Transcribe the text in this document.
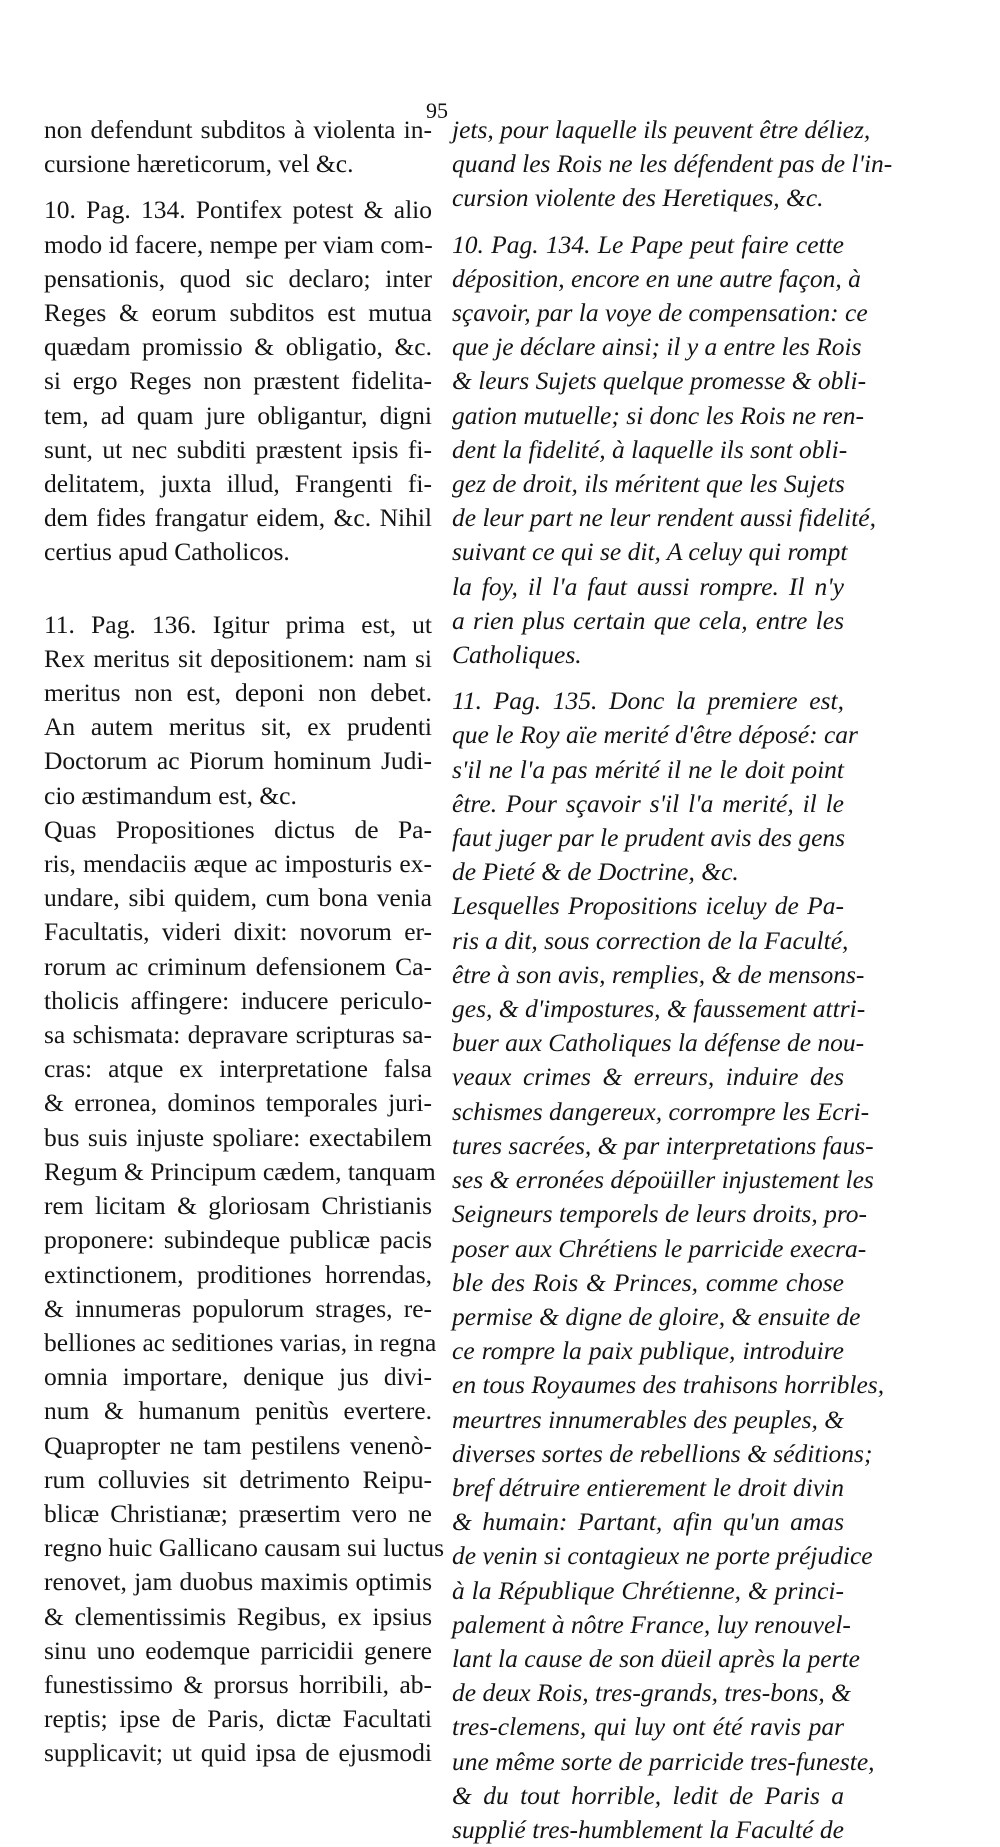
95
non defendunt subditos à violenta in-
cursione hæreticorum, vel &c.
10. Pag. 134. Pontifex potest & alio
modo id facere, nempe per viam com-
pensationis, quod sic declaro; inter
Reges & eorum subditos est mutua
quædam promissio & obligatio, &c.
si ergo Reges non præstent fidelita-
tem, ad quam jure obligantur, digni
sunt, ut nec subditi præstent ipsis fi-
delitatem, juxta illud, Frangenti fi-
dem fides frangatur eidem, &c. Nihil
certius apud Catholicos.
11. Pag. 136. Igitur prima est, ut
Rex meritus sit depositionem: nam si
meritus non est, deponi non debet.
An autem meritus sit, ex prudenti
Doctorum ac Piorum hominum Judi-
cio æstimandum est, &c.
Quas Propositiones dictus de Pa-
ris, mendaciis æque ac imposturis ex-
undare, sibi quidem, cum bona venia
Facultatis, videri dixit: novorum er-
rorum ac criminum defensionem Ca-
tholicis affingere: inducere periculo-
sa schismata: depravare scripturas sa-
cras: atque ex interpretatione falsa
& erronea, dominos temporales juri-
bus suis injuste spoliare: exectabilem
Regum & Principum cædem, tanquam
rem licitam & gloriosam Christianis
proponere: subindeque publicæ pacis
extinctionem, proditiones horrendas,
& innumeras populorum strages, re-
belliones ac seditiones varias, in regna
omnia importare, denique jus divi-
num & humanum penitùs evertere.
Quapropter ne tam pestilens venenò-
rum colluvies sit detrimento Reipu-
blicæ Christianæ; præsertim vero ne
regno huic Gallicano causam sui luctus
renovet, jam duobus maximis optimis
& clementissimis Regibus, ex ipsius
sinu uno eodemque parricidii genere
funestissimo & prorsus horribili, ab-
reptis; ipse de Paris, dictæ Facultati
supplicavit; ut quid ipsa de ejusmodi
jets, pour laquelle ils peuvent être déliez,
quand les Rois ne les défendent pas de l'in-
cursion violente des Heretiques, &c.
10. Pag. 134. Le Pape peut faire cette
déposition, encore en une autre façon, à
sçavoir, par la voye de compensation: ce
que je déclare ainsi; il y a entre les Rois
& leurs Sujets quelque promesse & obli-
gation mutuelle; si donc les Rois ne ren-
dent la fidelité, à laquelle ils sont obli-
gez de droit, ils méritent que les Sujets
de leur part ne leur rendent aussi fidelité,
suivant ce qui se dit, A celuy qui rompt
la foy, il l'a faut aussi rompre. Il n'y
a rien plus certain que cela, entre les
Catholiques.
11. Pag. 135. Donc la premiere est,
que le Roy aïe merité d'être déposé: car
s'il ne l'a pas mérité il ne le doit point
être. Pour sçavoir s'il l'a merité, il le
faut juger par le prudent avis des gens
de Pieté & de Doctrine, &c.
Lesquelles Propositions iceluy de Pa-
ris a dit, sous correction de la Faculté,
être à son avis, remplies, & de mensons-
ges, & d'impostures, & faussement attri-
buer aux Catholiques la défense de nou-
veaux crimes & erreurs, induire des
schismes dangereux, corrompre les Ecri-
tures sacrées, & par interpretations faus-
ses & erronées dépoüiller injustement les
Seigneurs temporels de leurs droits, pro-
poser aux Chrétiens le parricide execra-
ble des Rois & Princes, comme chose
permise & digne de gloire, & ensuite de
ce rompre la paix publique, introduire
en tous Royaumes des trahisons horribles,
meurtres innumerables des peuples, &
diverses sortes de rebellions & séditions;
bref détruire entierement le droit divin
& humain: Partant, afin qu'un amas
de venin si contagieux ne porte préjudice
à la République Chrétienne, & princi-
palement à nôtre France, luy renouvel-
lant la cause de son düeil après la perte
de deux Rois, tres-grands, tres-bons, &
tres-clemens, qui luy ont été ravis par
une même sorte de parricide tres-funeste,
& du tout horrible, ledit de Paris a
supplié tres-humblement la Faculté de
